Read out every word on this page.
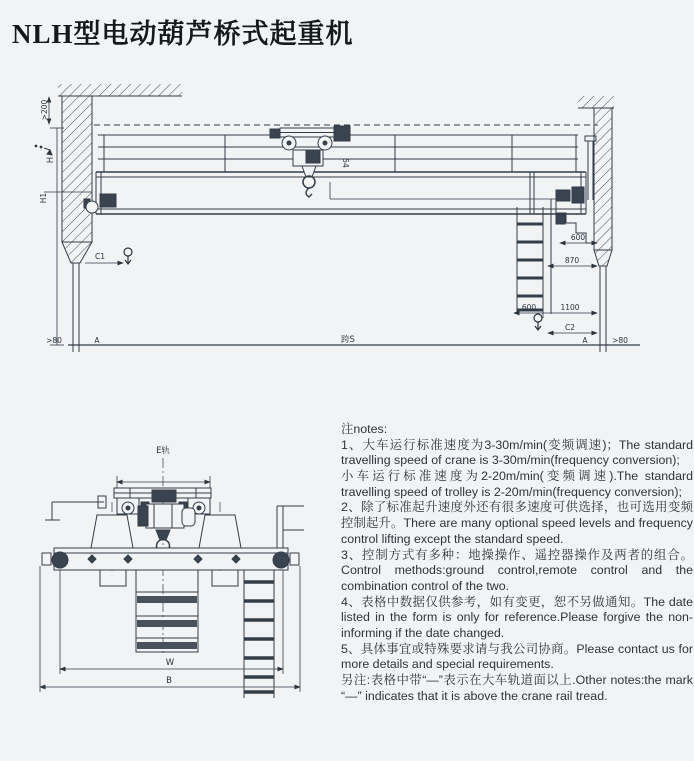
NLH型电动葫芦桥式起重机
>200
H
H1
C1
54
600
870
600	1100
C2
A	>80
>80	A	跨S
E轨
W
B

注notes:

1、大车运行标准速度为3-30m/min(变频调速)；The standard travelling speed of crane is 3-30m/min(frequency conversion);

小车运行标准速度为2-20m/min(变频调速).The standard travelling speed of trolley is 2-20m/min(frequency conversion);

2、除了标准起升速度外还有很多速度可供选择，也可选用变频控制起升。There are many optional speed levels and frequency control lifting except the standard speed.

3、控制方式有多种：地操操作、遥控器操作及两者的组合。Control methods:ground control,remote control and the combination control of the two.

4、表格中数据仅供参考，如有变更，恕不另做通知。The date listed in the form is only for reference.Please forgive the non-informing if the date changed.

5、具体事宜或特殊要求请与我公司协商。Please contact us for more details and special requirements.

另注:表格中带“—”表示在大车轨道面以上.Other notes:the mark “—” indicates that it is above the crane rail tread.
